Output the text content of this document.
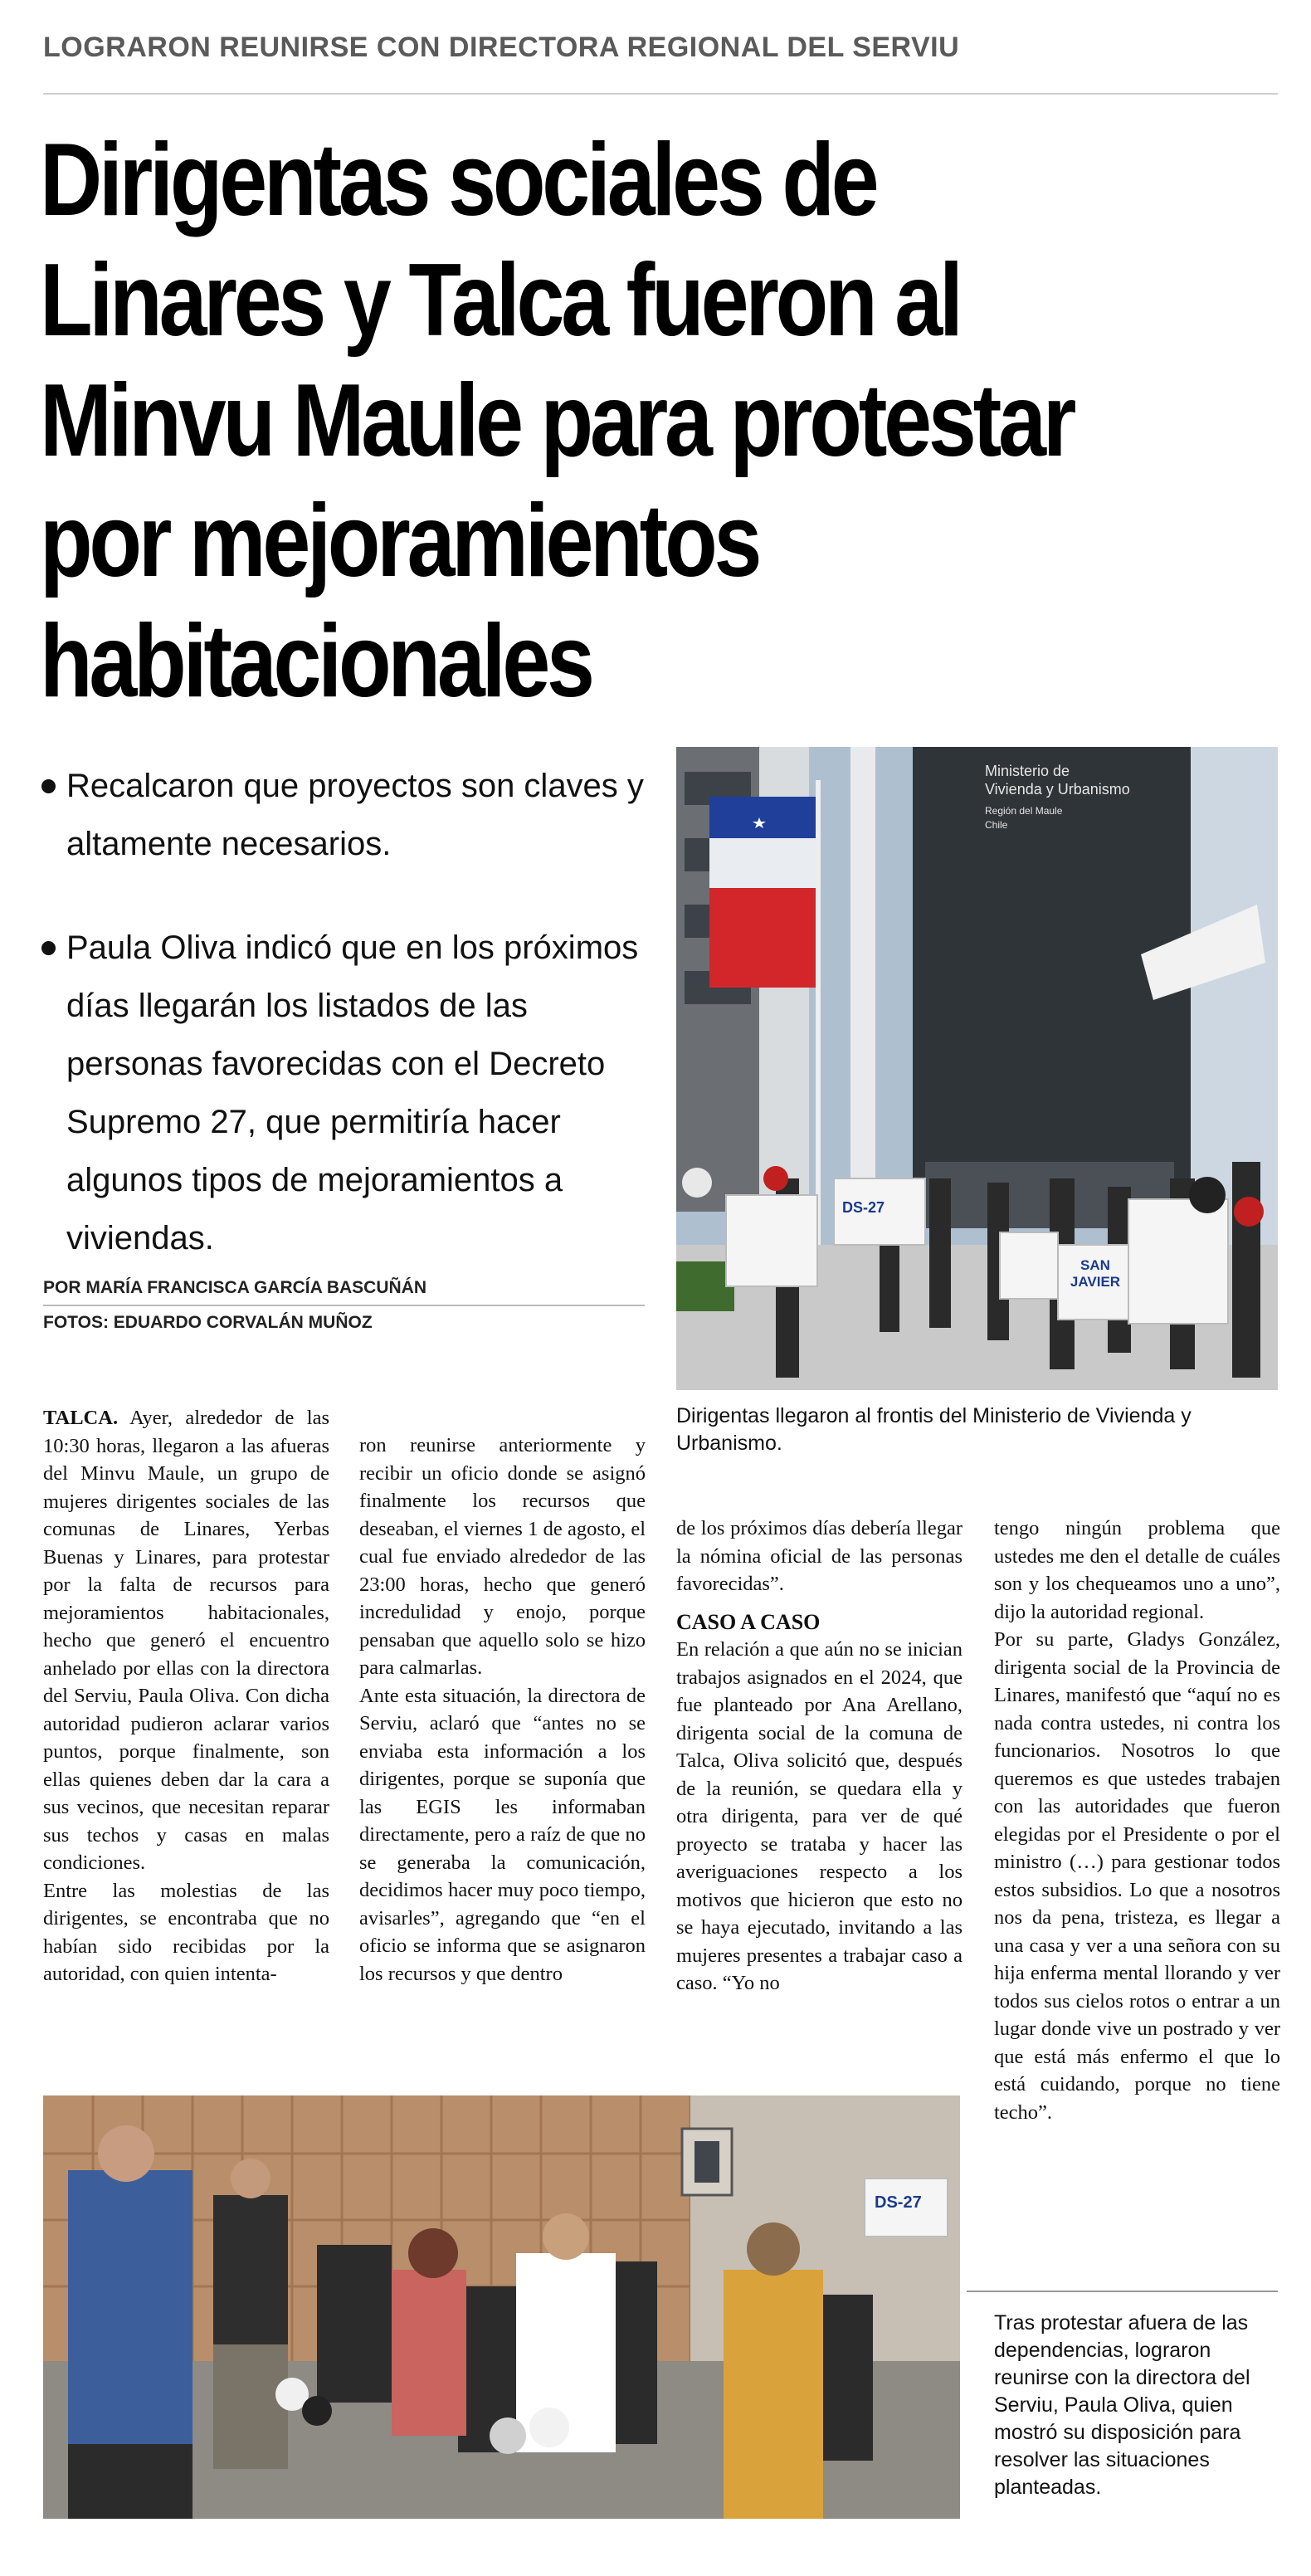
LOGRARON REUNIRSE CON DIRECTORA REGIONAL DEL SERVIU
Dirigentas sociales de Linares y Talca fueron al Minvu Maule para protestar por mejoramientos habitacionales
Recalcaron que proyectos son claves y altamente necesarios.
Paula Oliva indicó que en los próximos días llegarán los listados de las personas favorecidas con el Decreto Supremo 27, que permitiría hacer algunos tipos de mejoramientos a viviendas.
POR MARÍA FRANCISCA GARCÍA BASCUÑÁN
FOTOS: EDUARDO CORVALÁN MUÑOZ
Ministerio de
Vivienda y Urbanismo
Región del Maule
Chile
DS-27
SAN JAVIER
Dirigentas llegaron al frontis del Ministerio de Vivienda y Urbanismo.

TALCA. Ayer, alrededor de las 10:30 horas, llegaron a las afueras del Minvu Maule, un grupo de mujeres dirigentes sociales de las comunas de Linares, Yerbas Buenas y Linares, para protestar por la falta de recursos para mejoramientos habitacionales, hecho que generó el encuentro anhelado por ellas con la directora del Serviu, Paula Oliva. Con dicha autoridad pudieron aclarar varios puntos, porque finalmente, son ellas quienes deben dar la cara a sus vecinos, que necesitan reparar sus techos y casas en malas condiciones.

Entre las molestias de las dirigentes, se encontraba que no habían sido recibidas por la autoridad, con quien intenta-

ron reunirse anteriormente y recibir un oficio donde se asignó finalmente los recursos que deseaban, el viernes 1 de agosto, el cual fue enviado alrededor de las 23:00 horas, hecho que generó incredulidad y enojo, porque pensaban que aquello solo se hizo para calmarlas.

Ante esta situación, la directora de Serviu, aclaró que “antes no se enviaba esta información a los dirigentes, porque se suponía que las EGIS les informaban directamente, pero a raíz de que no se generaba la comunicación, decidimos hacer muy poco tiempo, avisarles”, agregando que “en el oficio se informa que se asignaron los recursos y que dentro

de los próximos días debería llegar la nómina oficial de las personas favorecidas”.

CASO A CASO

En relación a que aún no se inician trabajos asignados en el 2024, que fue planteado por Ana Arellano, dirigenta social de la comuna de Talca, Oliva solicitó que, después de la reunión, se quedara ella y otra dirigenta, para ver de qué proyecto se trataba y hacer las averiguaciones respecto a los motivos que hicieron que esto no se haya ejecutado, invitando a las mujeres presentes a trabajar caso a caso. “Yo no

tengo ningún problema que ustedes me den el detalle de cuáles son y los chequeamos uno a uno”, dijo la autoridad regional.

Por su parte, Gladys González, dirigenta social de la Provincia de Linares, manifestó que “aquí no es nada contra ustedes, ni contra los funcionarios. Nosotros lo que queremos es que ustedes trabajen con las autoridades que fueron elegidas por el Presidente o por el ministro (…) para gestionar todos estos subsidios. Lo que a nosotros nos da pena, tristeza, es llegar a una casa y ver a una señora con su hija enferma mental llorando y ver todos sus cielos rotos o entrar a un lugar donde vive un postrado y ver que está más enfermo el que lo está cuidando, porque no tiene techo”.

DS-27
Tras protestar afuera de las dependencias, lograron reunirse con la directora del Serviu, Paula Oliva, quien mostró su disposición para resolver las situaciones planteadas.
